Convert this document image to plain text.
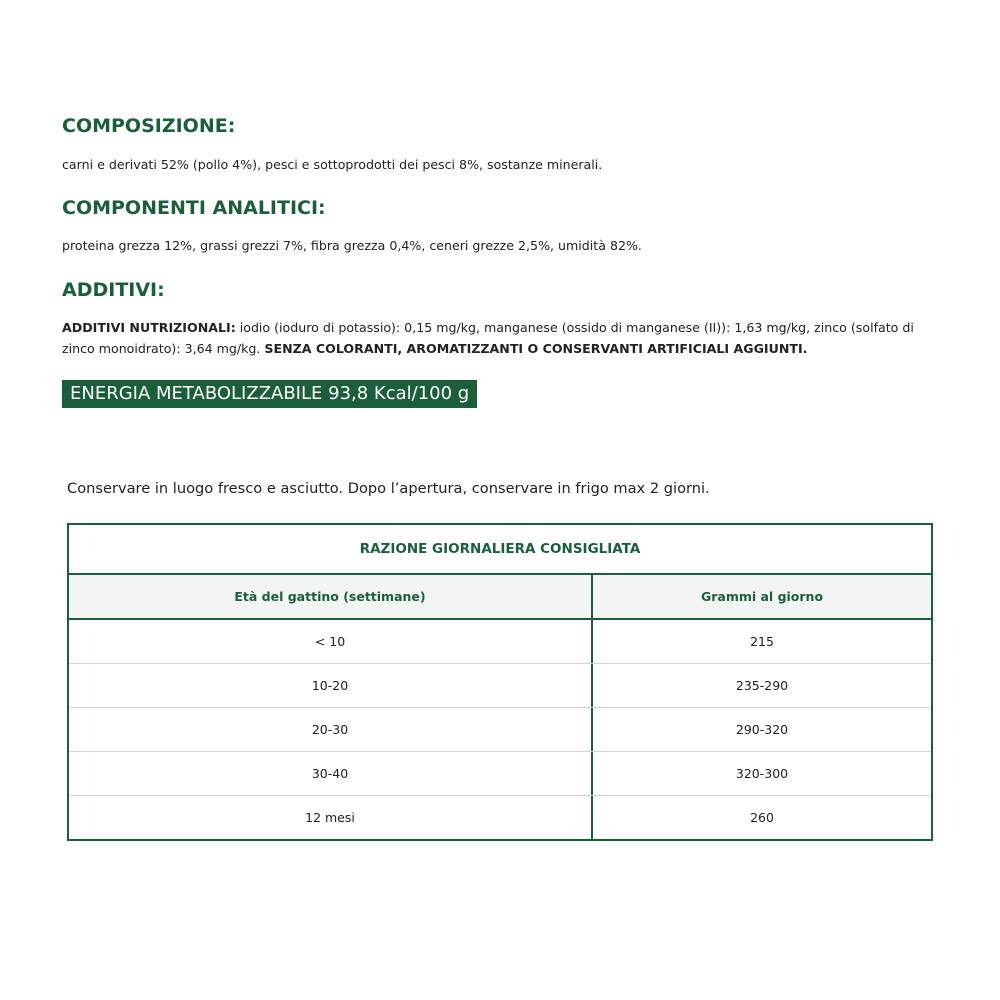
COMPOSIZIONE:

carni e derivati 52% (pollo 4%), pesci e sottoprodotti dei pesci 8%, sostanze minerali.

COMPONENTI ANALITICI:

proteina grezza 12%, grassi grezzi 7%, fibra grezza 0,4%, ceneri grezze 2,5%, umidità 82%.

ADDITIVI:

ADDITIVI NUTRIZIONALI: iodio (ioduro di potassio): 0,15 mg/kg, manganese (ossido di manganese (II)): 1,63 mg/kg, zinco (solfato di zinco monoidrato): 3,64 mg/kg. SENZA COLORANTI, AROMATIZZANTI O CONSERVANTI ARTIFICIALI AGGIUNTI.

ENERGIA METABOLIZZABILE 93,8 Kcal/100 g

Conservare in luogo fresco e asciutto. Dopo l’apertura, conservare in frigo max 2 giorni.

RAZIONE GIORNALIERA CONSIGLIATA
Età del gattino (settimane)	Grammi al giorno
< 10	215
10-20	235-290
20-30	290-320
30-40	320-300
12 mesi	260
